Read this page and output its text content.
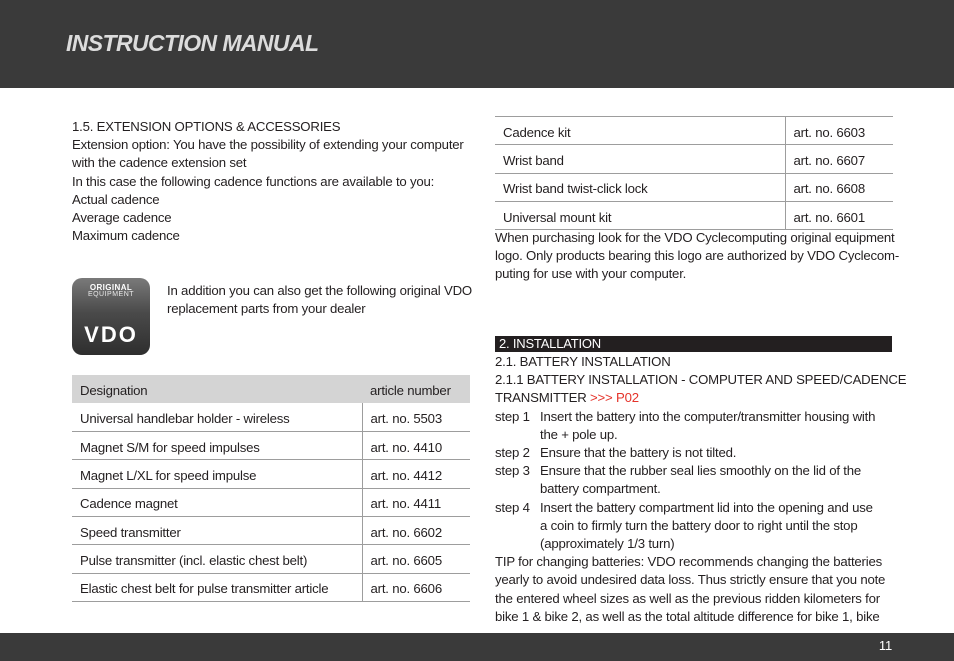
INSTRUCTION MANUAL
1.5. EXTENSION OPTIONS & ACCESSORIES
Extension option: You have the possibility of extending your computer
with the cadence extension set
In this case the following cadence functions are available to you:
Actual cadence
Average cadence
Maximum cadence
ORIGINAL
EQUIPMENT
VDO
In addition you can also get the following original VDO
replacement parts from your dealer
Designation	article number
Universal handlebar holder - wireless	art. no. 5503
Magnet S/M for speed impulses	art. no. 4410
Magnet L/XL for speed impulse	art. no. 4412
Cadence magnet	art. no. 4411
Speed transmitter	art. no. 6602
Pulse transmitter (incl. elastic chest belt)	art. no. 6605
Elastic chest belt for pulse transmitter article	art. no. 6606
Cadence kit	art. no. 6603
Wrist band	art. no. 6607
Wrist band twist-click lock	art. no. 6608
Universal mount kit	art. no. 6601
When purchasing look for the VDO Cyclecomputing original equipment
logo. Only products bearing this logo are authorized by VDO Cyclecom-
puting for use with your computer.
2. INSTALLATION
2.1. BATTERY INSTALLATION
2.1.1 BATTERY INSTALLATION - COMPUTER AND SPEED/CADENCE
TRANSMITTER >>> P02
step 1 Insert the battery into the computer/transmitter housing with
the + pole up.
step 2 Ensure that the battery is not tilted.
step 3 Ensure that the rubber seal lies smoothly on the lid of the
battery compartment.
step 4 Insert the battery compartment lid into the opening and use
a coin to firmly turn the battery door to right until the stop
(approximately 1/3 turn)
TIP for changing batteries: VDO recommends changing the batteries
yearly to avoid undesired data loss. Thus strictly ensure that you note
the entered wheel sizes as well as the previous ridden kilometers for
bike 1 & bike 2, as well as the total altitude difference for bike 1, bike
11
